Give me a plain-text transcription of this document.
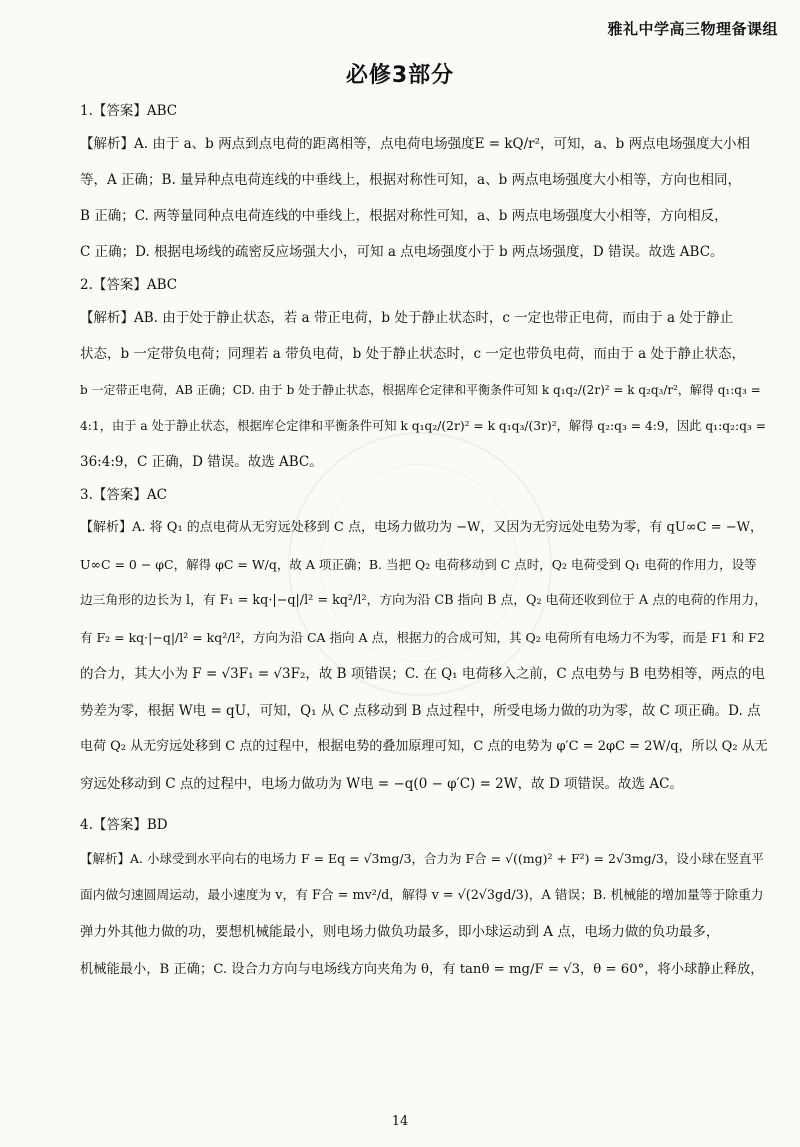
雅礼中学高三物理备课组
必修3部分
1.【答案】ABC
【解析】A. 由于 a、b 两点到点电荷的距离相等，点电荷电场强度E = kQ/r²，可知，a、b 两点电场强度大小相
等，A 正确；B. 量异种点电荷连线的中垂线上，根据对称性可知，a、b 两点电场强度大小相等，方向也相同，
B 正确；C. 两等量同种点电荷连线的中垂线上，根据对称性可知，a、b 两点电场强度大小相等，方向相反，
C 正确；D. 根据电场线的疏密反应场强大小，可知 a 点电场强度小于 b 两点场强度，D 错误。故选 ABC。
2.【答案】ABC
【解析】AB. 由于处于静止状态，若 a 带正电荷，b 处于静止状态时，c 一定也带正电荷，而由于 a 处于静止
状态，b 一定带负电荷；同理若 a 带负电荷，b 处于静止状态时，c 一定也带负电荷，而由于 a 处于静止状态，
b 一定带正电荷，AB 正确；CD. 由于 b 处于静止状态，根据库仑定律和平衡条件可知 k q₁q₂/(2r)² = k q₂q₃/r²，解得 q₁:q₃ =
4:1，由于 a 处于静止状态，根据库仑定律和平衡条件可知 k q₁q₂/(2r)² = k q₁q₃/(3r)²，解得 q₂:q₃ = 4:9，因此 q₁:q₂:q₃ =
36:4:9，C 正确，D 错误。故选 ABC。
3.【答案】AC
【解析】A. 将 Q₁ 的点电荷从无穷远处移到 C 点，电场力做功为 −W，又因为无穷远处电势为零，有 qU∞C = −W，
U∞C = 0 − φC，解得 φC = W/q，故 A 项正确；B. 当把 Q₂ 电荷移动到 C 点时，Q₂ 电荷受到 Q₁ 电荷的作用力，设等
边三角形的边长为 l，有 F₁ = kq·|−q|/l² = kq²/l²，方向为沿 CB 指向 B 点，Q₂ 电荷还收到位于 A 点的电荷的作用力，
有 F₂ = kq·|−q|/l² = kq²/l²，方向为沿 CA 指向 A 点，根据力的合成可知，其 Q₂ 电荷所有电场力不为零，而是 F1 和 F2
的合力，其大小为 F = √3F₁ = √3F₂，故 B 项错误；C. 在 Q₁ 电荷移入之前，C 点电势与 B 电势相等，两点的电
势差为零，根据 W电 = qU，可知，Q₁ 从 C 点移动到 B 点过程中，所受电场力做的功为零，故 C 项正确。D. 点
电荷 Q₂ 从无穷远处移到 C 点的过程中，根据电势的叠加原理可知，C 点的电势为 φ′C = 2φC = 2W/q，所以 Q₂ 从无
穷远处移动到 C 点的过程中，电场力做功为 W电 = −q(0 − φ′C) = 2W，故 D 项错误。故选 AC。
4.【答案】BD
【解析】A. 小球受到水平向右的电场力 F = Eq = √3mg/3，合力为 F合 = √((mg)² + F²) = 2√3mg/3，设小球在竖直平
面内做匀速圆周运动，最小速度为 v，有 F合 = mv²/d，解得 v = √(2√3gd/3)，A 错误；B. 机械能的增加量等于除重力
弹力外其他力做的功，要想机械能最小，则电场力做负功最多，即小球运动到 A 点，电场力做的负功最多，
机械能最小，B 正确；C. 设合力方向与电场线方向夹角为 θ，有 tanθ = mg/F = √3，θ = 60°，将小球静止释放，
14
